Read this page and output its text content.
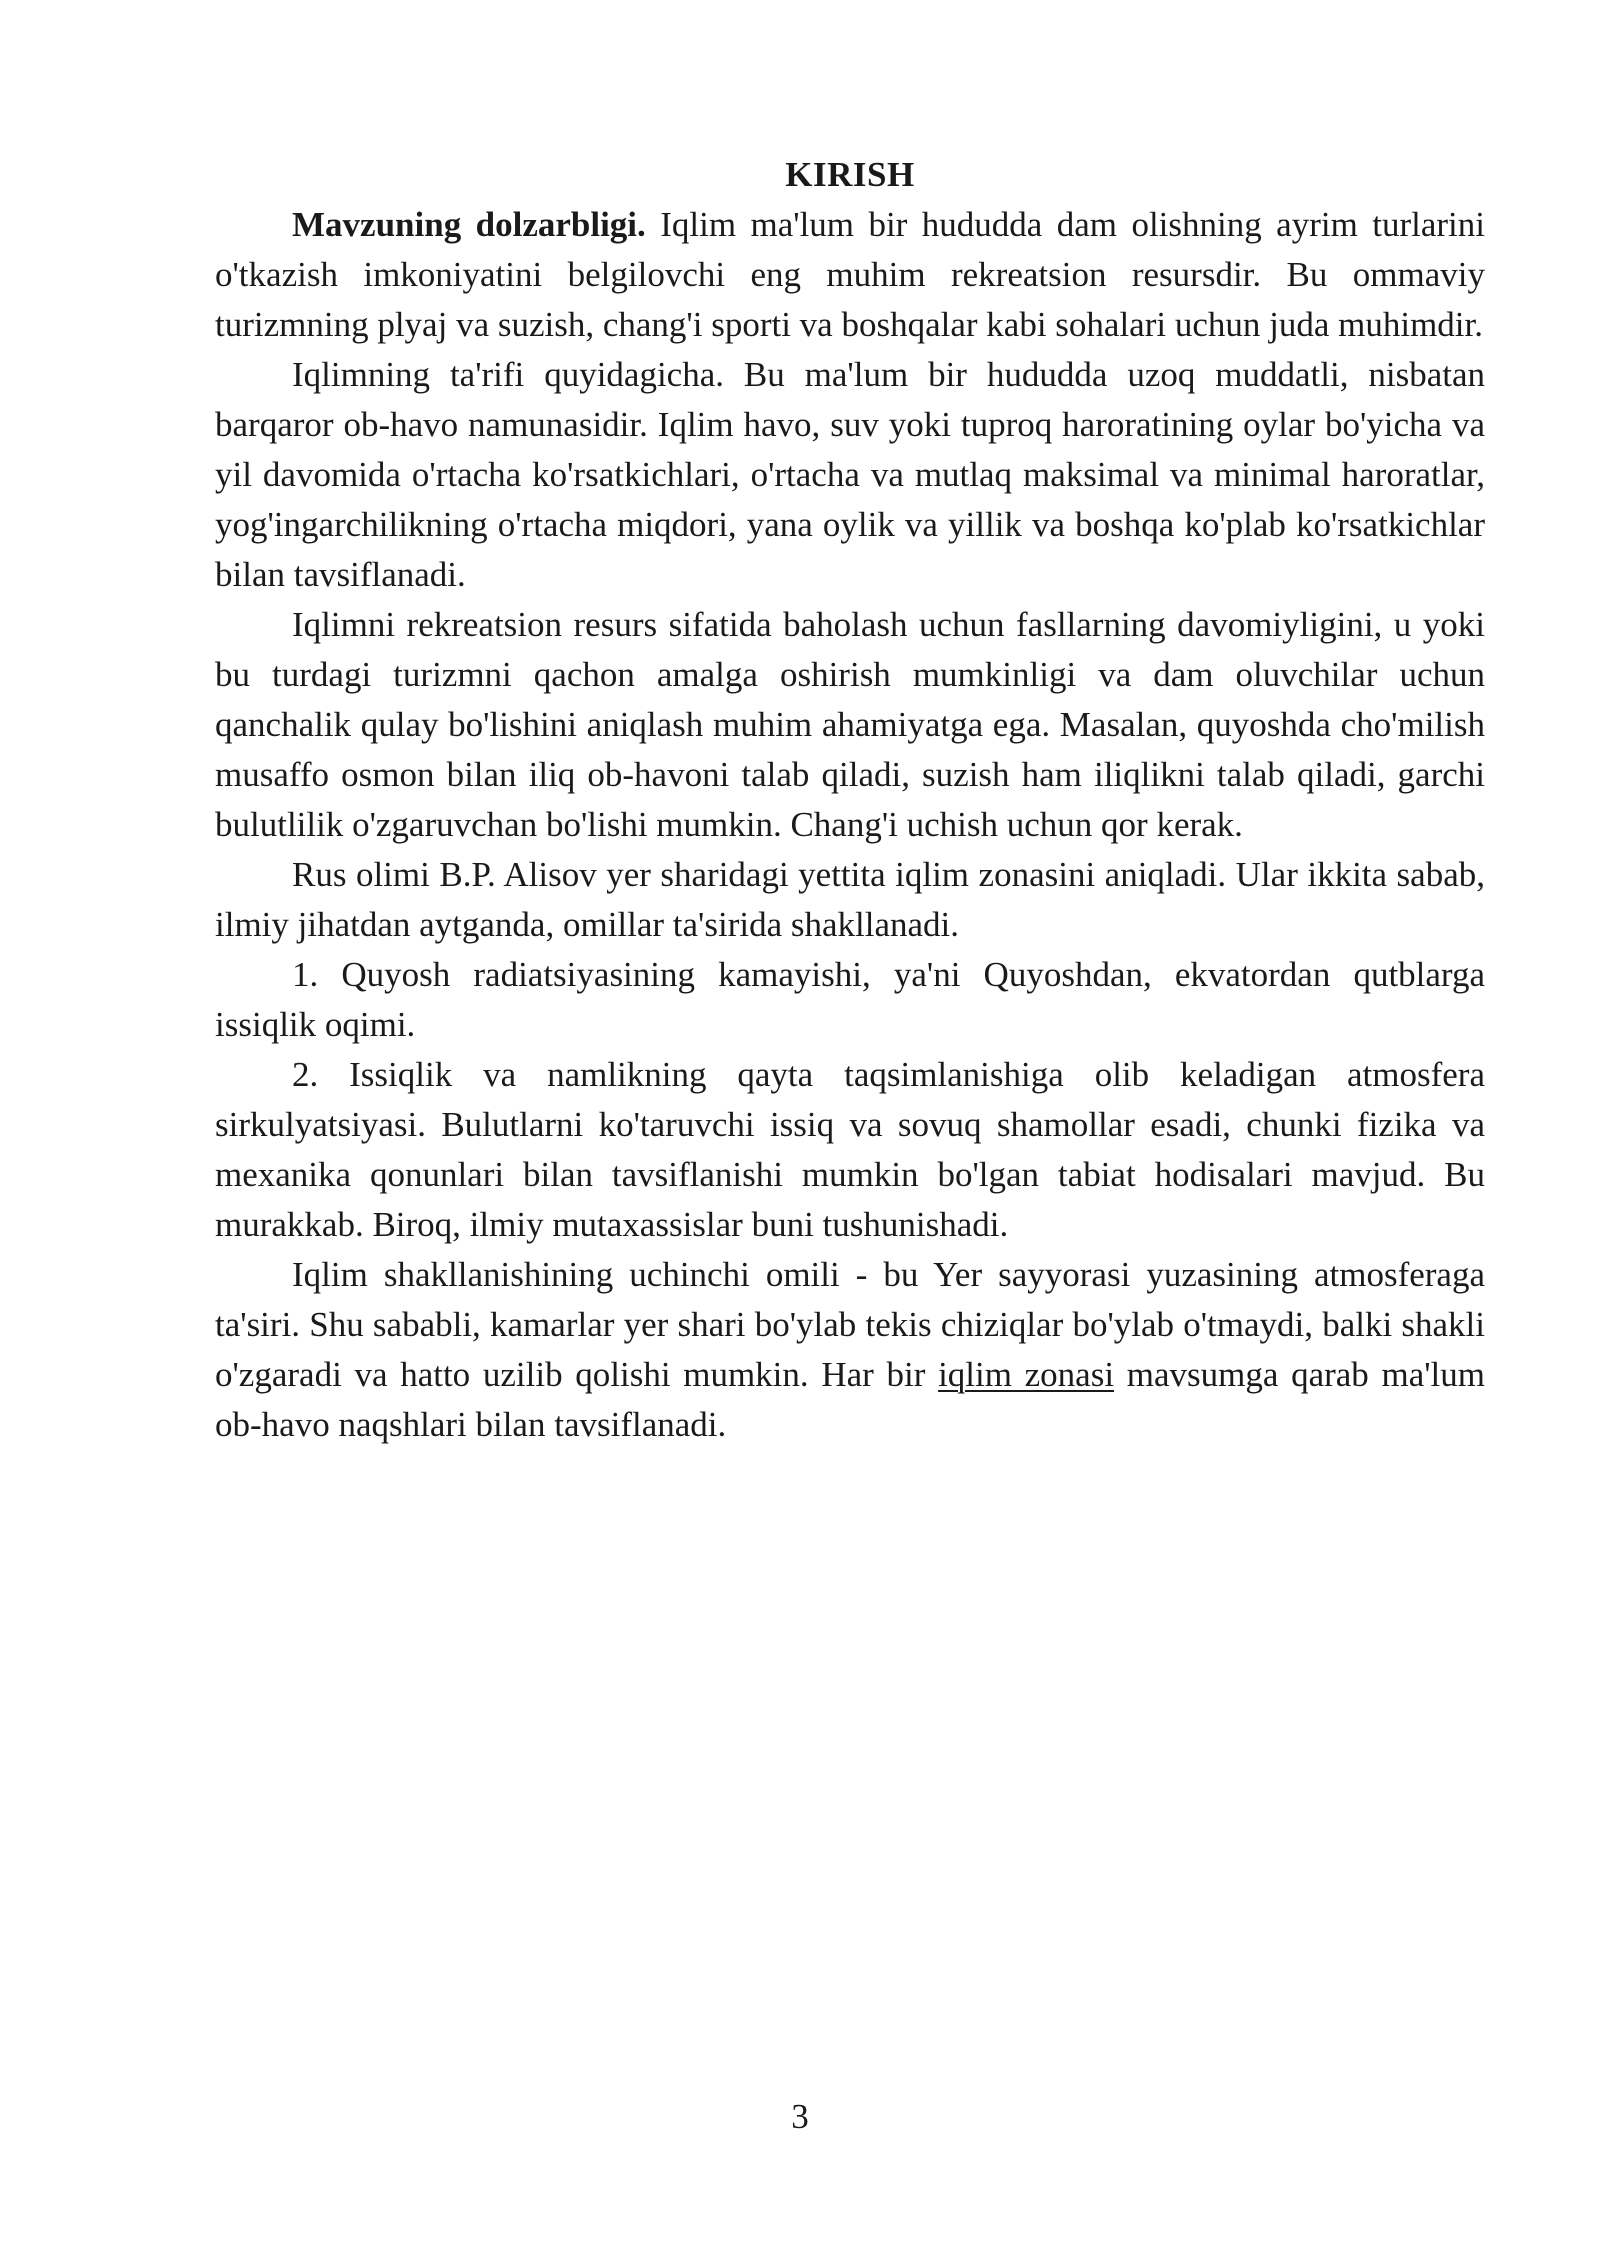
KIRISH

Mavzuning dolzarbligi. Iqlim ma'lum bir hududda dam olishning ayrim turlarini o'tkazish imkoniyatini belgilovchi eng muhim rekreatsion resursdir. Bu ommaviy turizmning plyaj va suzish, chang'i sporti va boshqalar kabi sohalari uchun juda muhimdir.

Iqlimning ta'rifi quyidagicha. Bu ma'lum bir hududda uzoq muddatli, nisbatan barqaror ob-havo namunasidir. Iqlim havo, suv yoki tuproq haroratining oylar bo'yicha va yil davomida o'rtacha ko'rsatkichlari, o'rtacha va mutlaq maksimal va minimal haroratlar, yog'ingarchilikning o'rtacha miqdori, yana oylik va yillik va boshqa ko'plab ko'rsatkichlar bilan tavsiflanadi.

Iqlimni rekreatsion resurs sifatida baholash uchun fasllarning davomiyligini, u yoki bu turdagi turizmni qachon amalga oshirish mumkinligi va dam oluvchilar uchun qanchalik qulay bo'lishini aniqlash muhim ahamiyatga ega. Masalan, quyoshda cho'milish musaffo osmon bilan iliq ob-havoni talab qiladi, suzish ham iliqlikni talab qiladi, garchi bulutlilik o'zgaruvchan bo'lishi mumkin. Chang'i uchish uchun qor kerak.

Rus olimi B.P. Alisov yer sharidagi yettita iqlim zonasini aniqladi. Ular ikkita sabab, ilmiy jihatdan aytganda, omillar ta'sirida shakllanadi.

1. Quyosh radiatsiyasining kamayishi, ya'ni Quyoshdan, ekvatordan qutblarga issiqlik oqimi.

2. Issiqlik va namlikning qayta taqsimlanishiga olib keladigan atmosfera sirkulyatsiyasi. Bulutlarni ko'taruvchi issiq va sovuq shamollar esadi, chunki fizika va mexanika qonunlari bilan tavsiflanishi mumkin bo'lgan tabiat hodisalari mavjud. Bu murakkab. Biroq, ilmiy mutaxassislar buni tushunishadi.

Iqlim shakllanishining uchinchi omili - bu Yer sayyorasi yuzasining atmosferaga ta'siri. Shu sababli, kamarlar yer shari bo'ylab tekis chiziqlar bo'ylab o'tmaydi, balki shakli o'zgaradi va hatto uzilib qolishi mumkin. Har bir iqlim zonasi mavsumga qarab ma'lum ob-havo naqshlari bilan tavsiflanadi.

3
